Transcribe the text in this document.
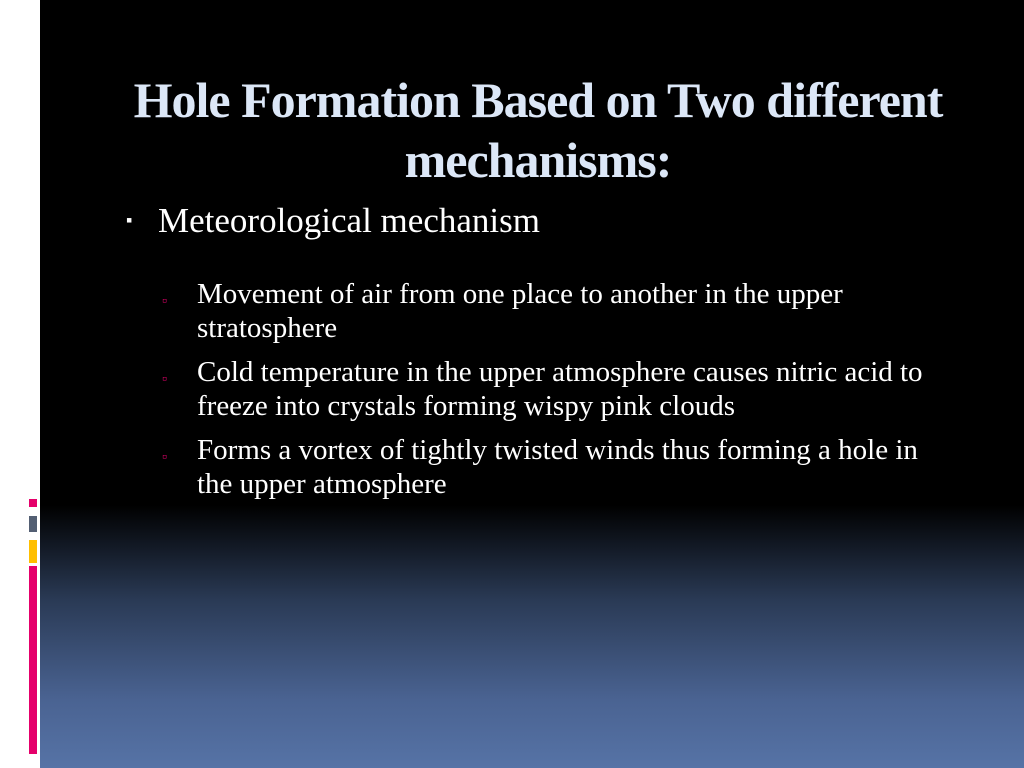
Hole Formation Based on Two different mechanisms:
▪ Meteorological mechanism
▫	Movement of air from one place to another in the upper stratosphere
▫	Cold temperature in the upper atmosphere causes nitric acid to freeze into crystals forming wispy pink clouds
▫	Forms a vortex of tightly twisted winds thus forming a hole in the upper atmosphere
